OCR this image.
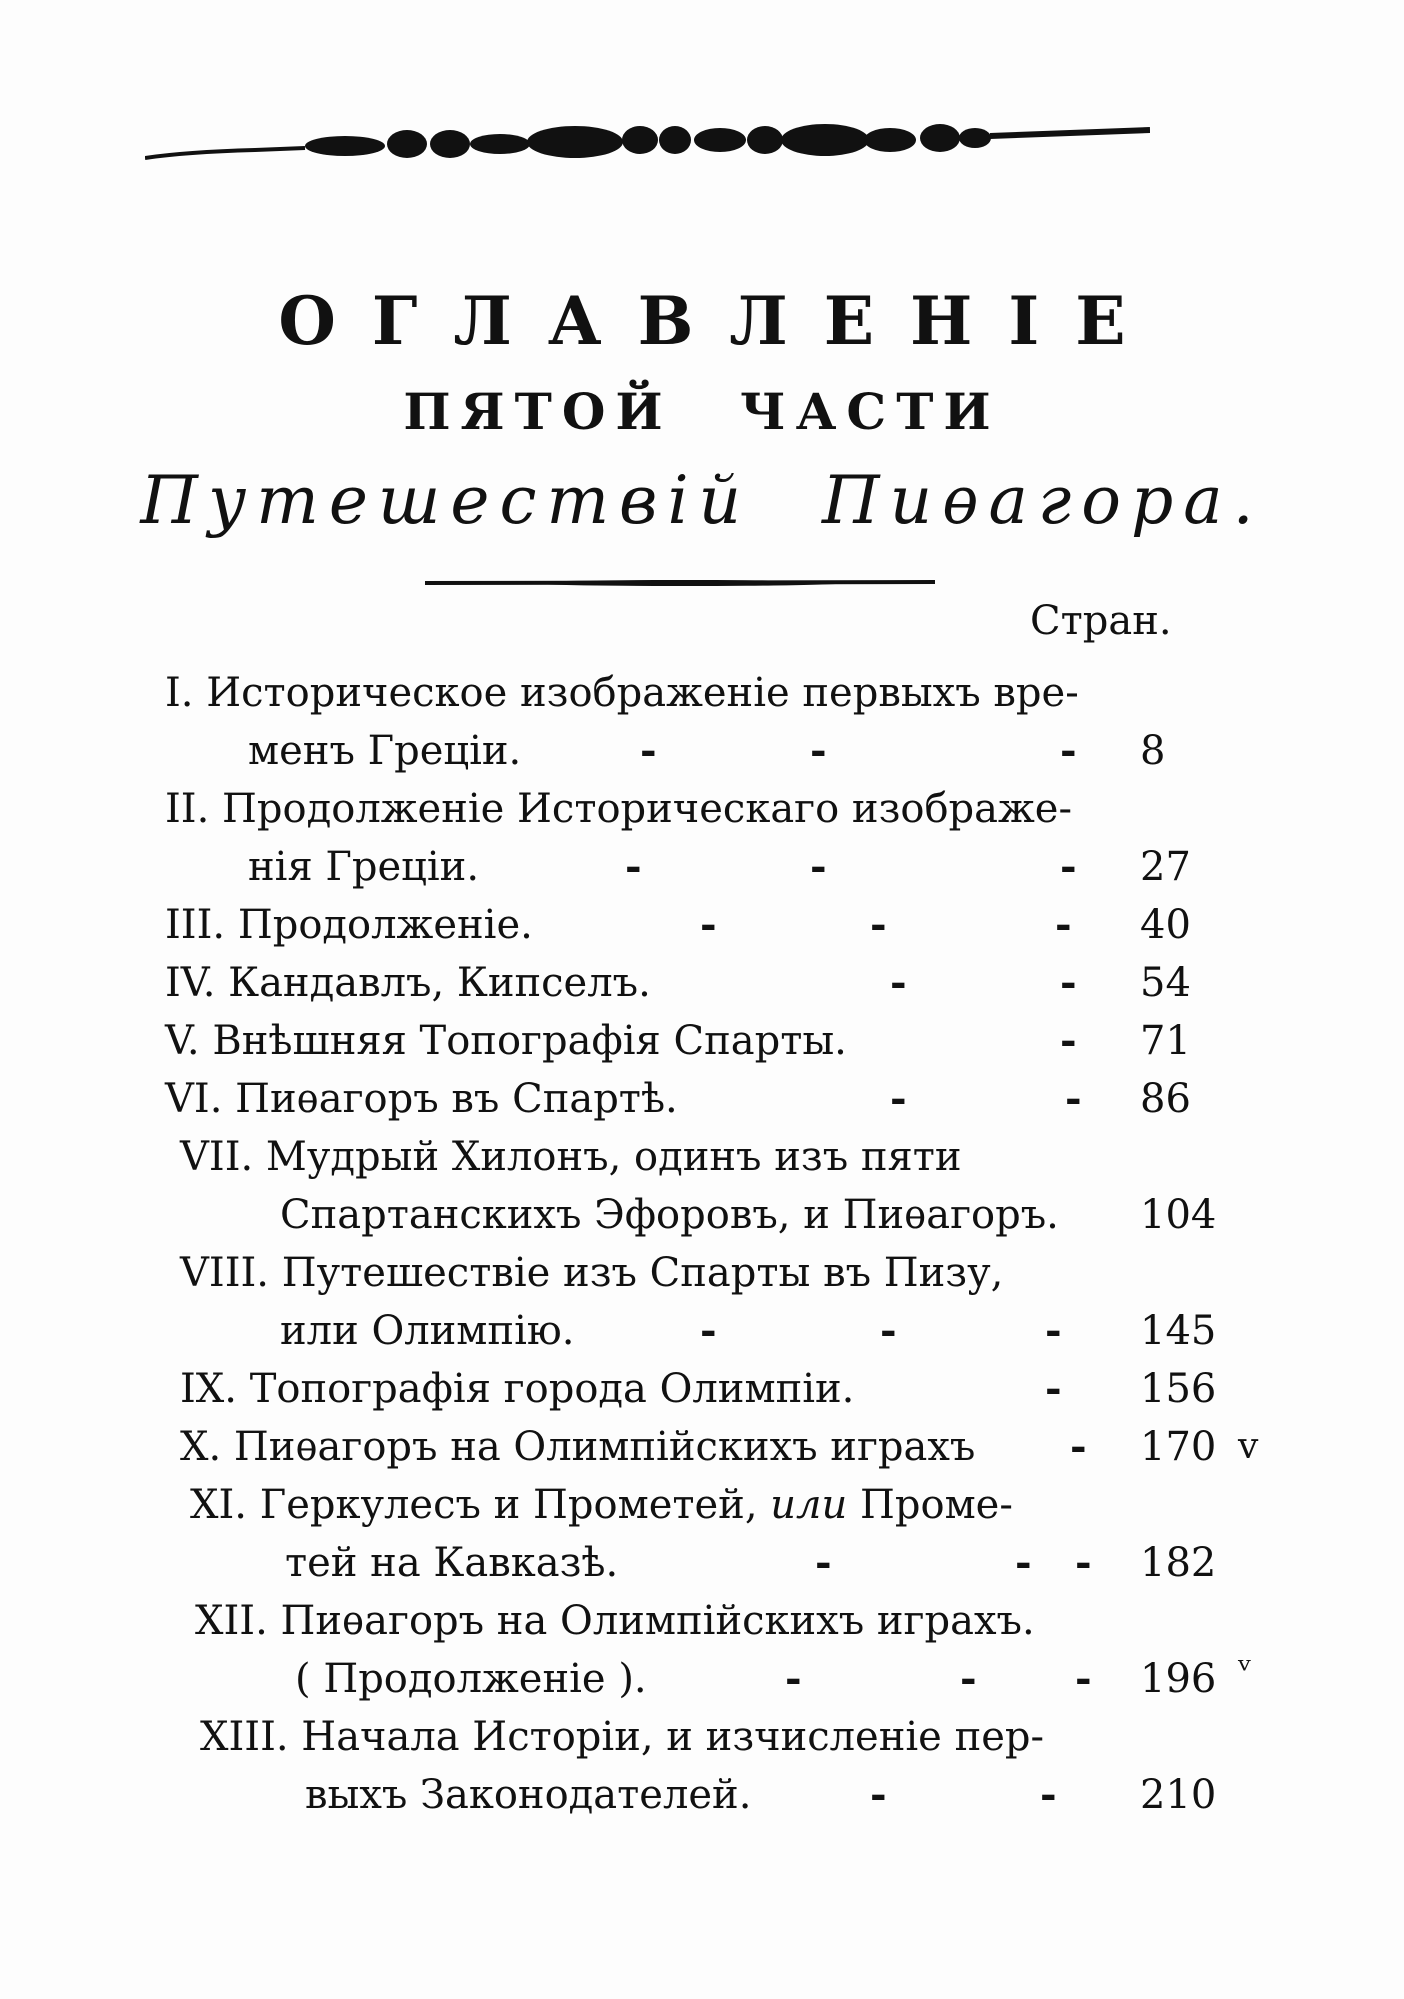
ОГЛАВЛЕНІЕ
ПЯТОЙ ЧАСТИ
Путешествій Пиѳагора.
Стран.
I. Историческое изображеніе первыхъ вре-
менъ Греціи.	-	-	- 8
II. Продолженіе Историческаго изображе-
нія Греціи.	-	-	- 27
III. Продолженіе.	-	-	- 40
IV. Кандавлъ, Кипселъ.	-	- 54
V. Внѣшняя Топографія Спарты.	- 71
VI. Пиѳагоръ въ Спартѣ.	-	- 86
VII. Мудрый Хилонъ, одинъ изъ пяти
Спартанскихъ Эфоровъ, и Пиѳагоръ. 104
VIII. Путешествіе изъ Спарты въ Пизу,
или Олимпію.	-	-	- 145
IX. Топографія города Олимпіи.	- 156
X. Пиѳагоръ на Олимпійскихъ играхъ - 170 v
XI. Геркулесъ и Прометей, или Проме-
тей на Кавказѣ.	-	- - 182
XII. Пиѳагоръ на Олимпійскихъ играхъ.
( Продолженіе ).	-	- - 196 ᵛ
XIII. Начала Исторіи, и изчисленіе пер-
выхъ Законодателей.	-	- 210
